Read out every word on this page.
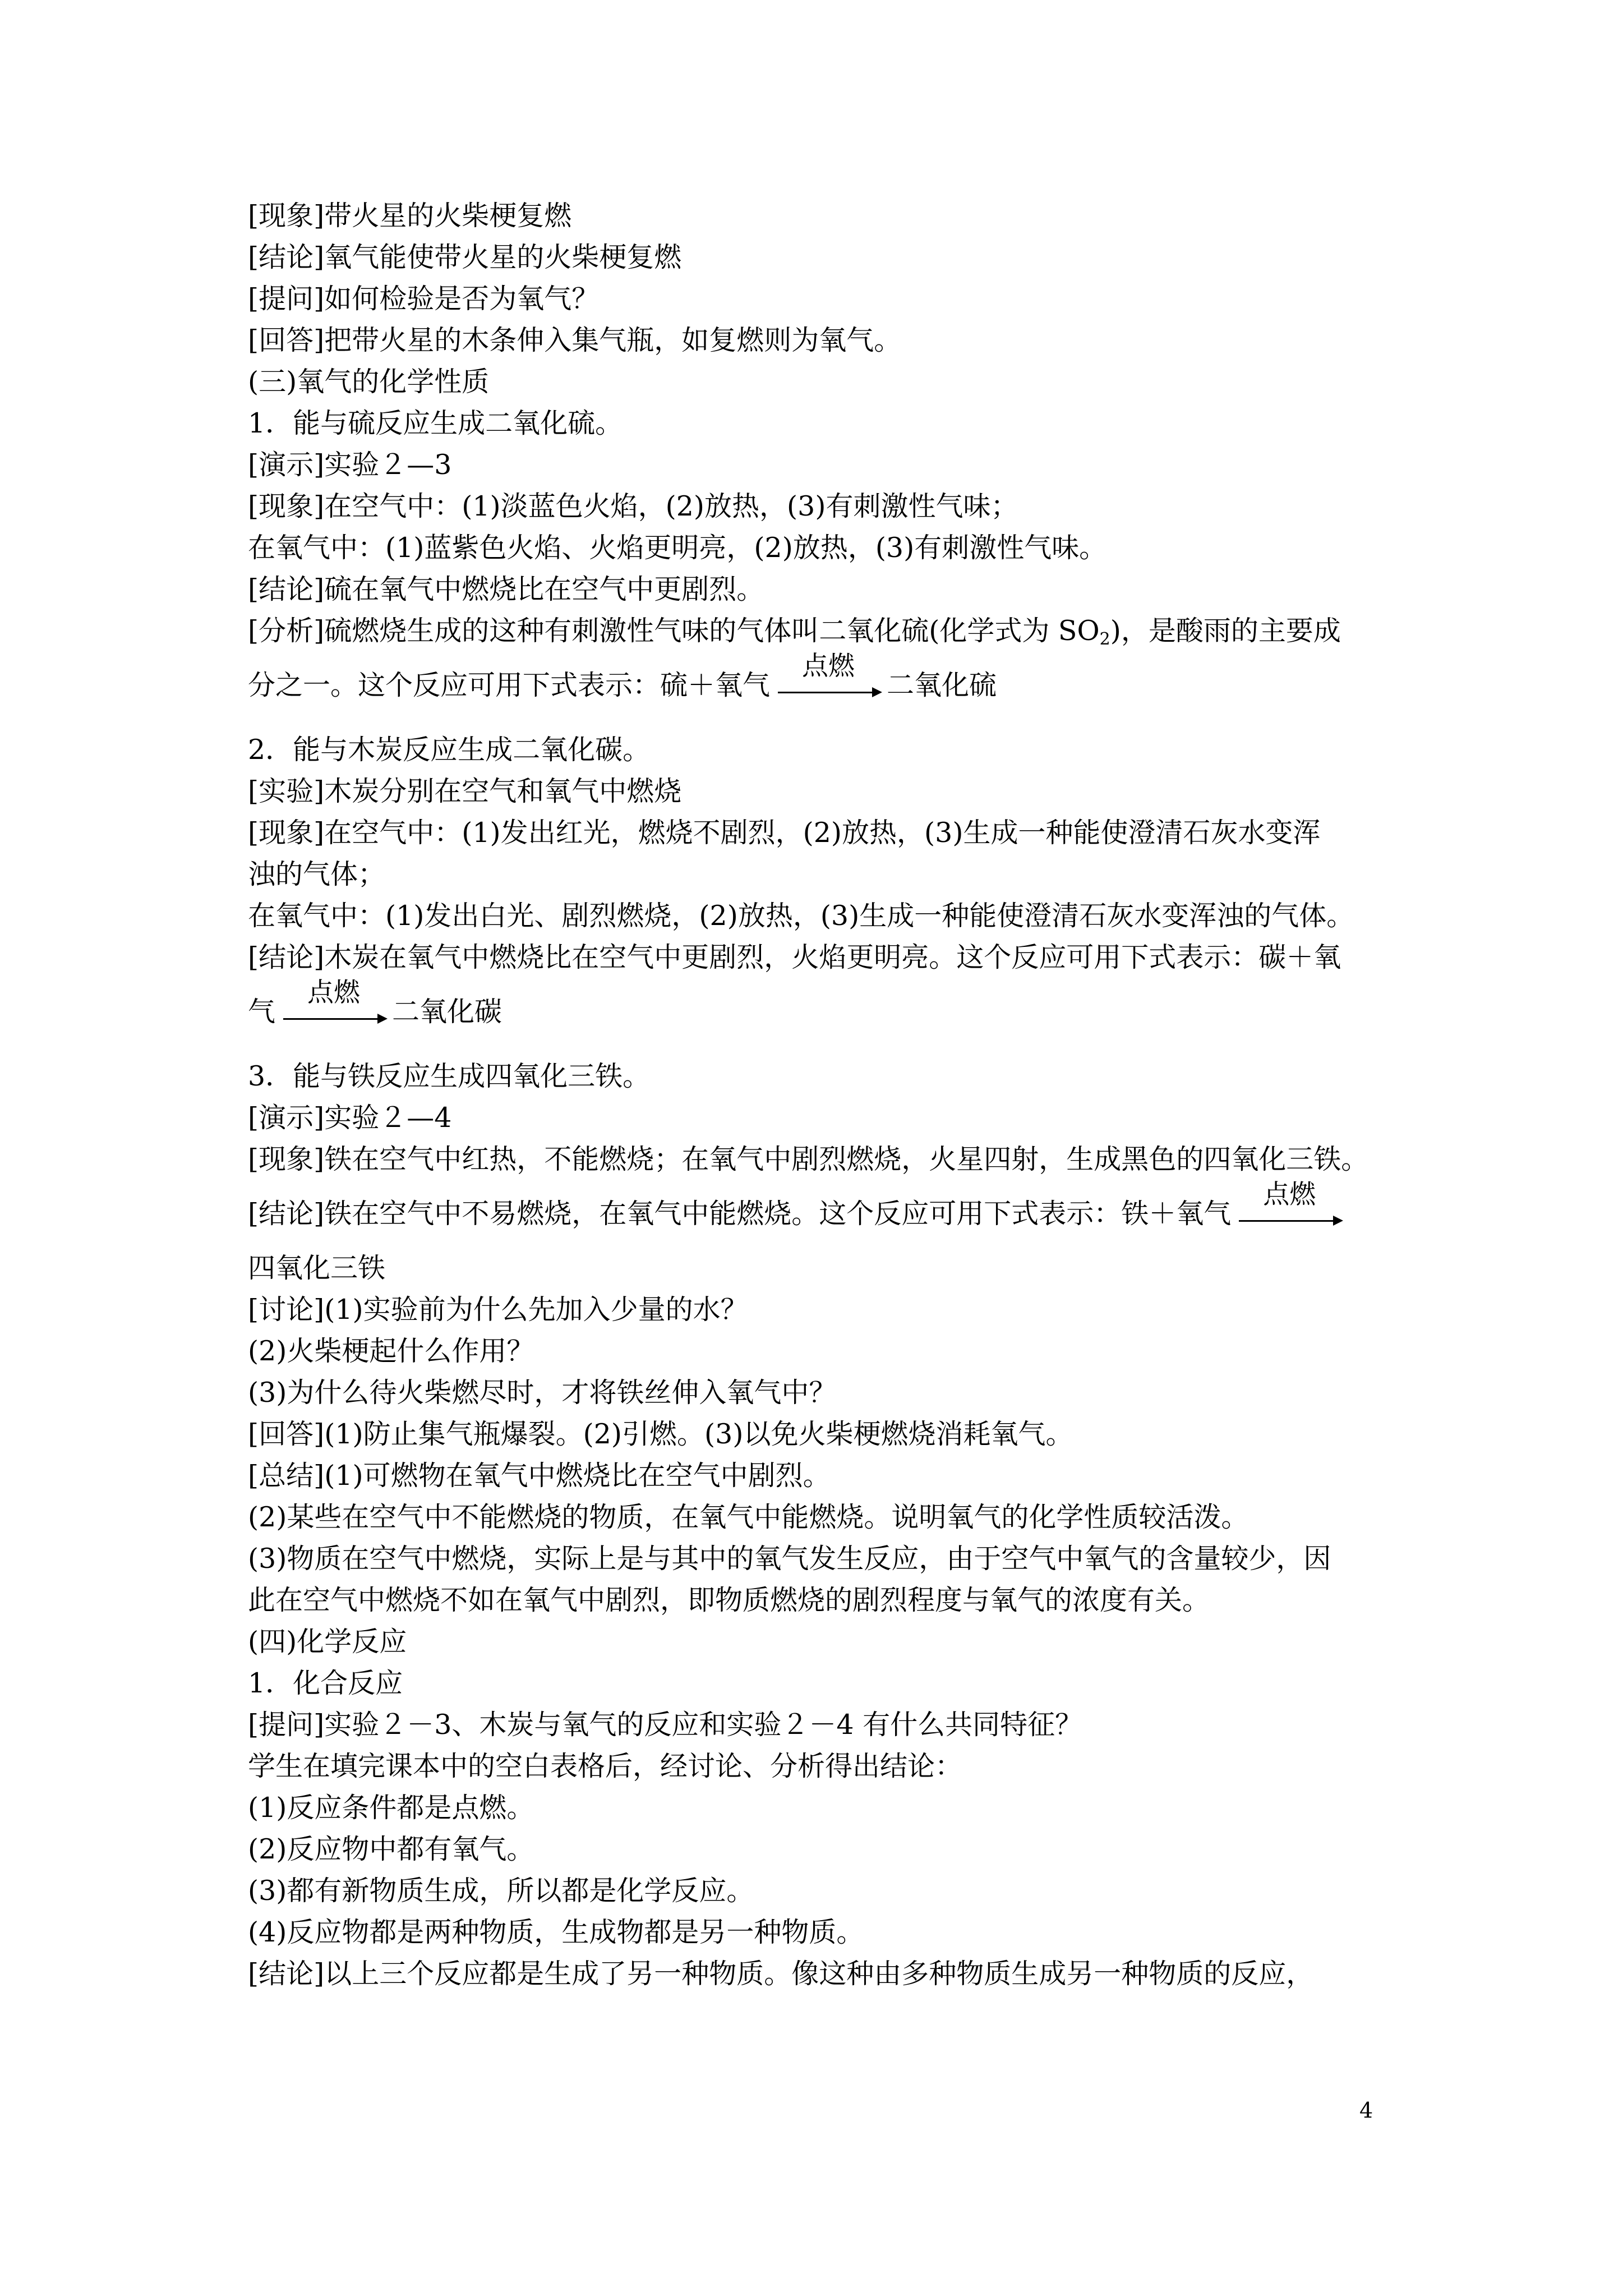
[现象]带火星的火柴梗复燃
[结论]氧气能使带火星的火柴梗复燃
[提问]如何检验是否为氧气？
[回答]把带火星的木条伸入集气瓶，如复燃则为氧气。
(三)氧气的化学性质
1．能与硫反应生成二氧化硫。
[演示]实验２—3
[现象]在空气中：(1)淡蓝色火焰，(2)放热，(3)有刺激性气味；
在氧气中：(1)蓝紫色火焰、火焰更明亮，(2)放热，(3)有刺激性气味。
[结论]硫在氧气中燃烧比在空气中更剧烈。
[分析]硫燃烧生成的这种有刺激性气味的气体叫二氧化硫(化学式为 $SO_2$)，是酸雨的主要成
分之一。这个反应可用下式表示：硫＋氧气
点燃
二氧化硫
2．能与木炭反应生成二氧化碳。
[实验]木炭分别在空气和氧气中燃烧
[现象]在空气中：(1)发出红光，燃烧不剧烈，(2)放热，(3)生成一种能使澄清石灰水变浑
浊的气体；
在氧气中：(1)发出白光、剧烈燃烧，(2)放热，(3)生成一种能使澄清石灰水变浑浊的气体。
[结论]木炭在氧气中燃烧比在空气中更剧烈，火焰更明亮。这个反应可用下式表示：碳＋氧
气
点燃
二氧化碳
3．能与铁反应生成四氧化三铁。
[演示]实验２—4
[现象]铁在空气中红热，不能燃烧；在氧气中剧烈燃烧，火星四射，生成黑色的四氧化三铁。
[结论]铁在空气中不易燃烧，在氧气中能燃烧。这个反应可用下式表示：铁＋氧气
点燃
四氧化三铁
[讨论](1)实验前为什么先加入少量的水？
(2)火柴梗起什么作用？
(3)为什么待火柴燃尽时，才将铁丝伸入氧气中？
[回答](1)防止集气瓶爆裂。(2)引燃。(3)以免火柴梗燃烧消耗氧气。
[总结](1)可燃物在氧气中燃烧比在空气中剧烈。
(2)某些在空气中不能燃烧的物质，在氧气中能燃烧。说明氧气的化学性质较活泼。
(3)物质在空气中燃烧，实际上是与其中的氧气发生反应，由于空气中氧气的含量较少，因
此在空气中燃烧不如在氧气中剧烈，即物质燃烧的剧烈程度与氧气的浓度有关。
(四)化学反应
1．化合反应
[提问]实验２－3、木炭与氧气的反应和实验２－4 有什么共同特征？
学生在填完课本中的空白表格后，经讨论、分析得出结论：
(1)反应条件都是点燃。
(2)反应物中都有氧气。
(3)都有新物质生成，所以都是化学反应。
(4)反应物都是两种物质，生成物都是另一种物质。
[结论]以上三个反应都是生成了另一种物质。像这种由多种物质生成另一种物质的反应，
4
